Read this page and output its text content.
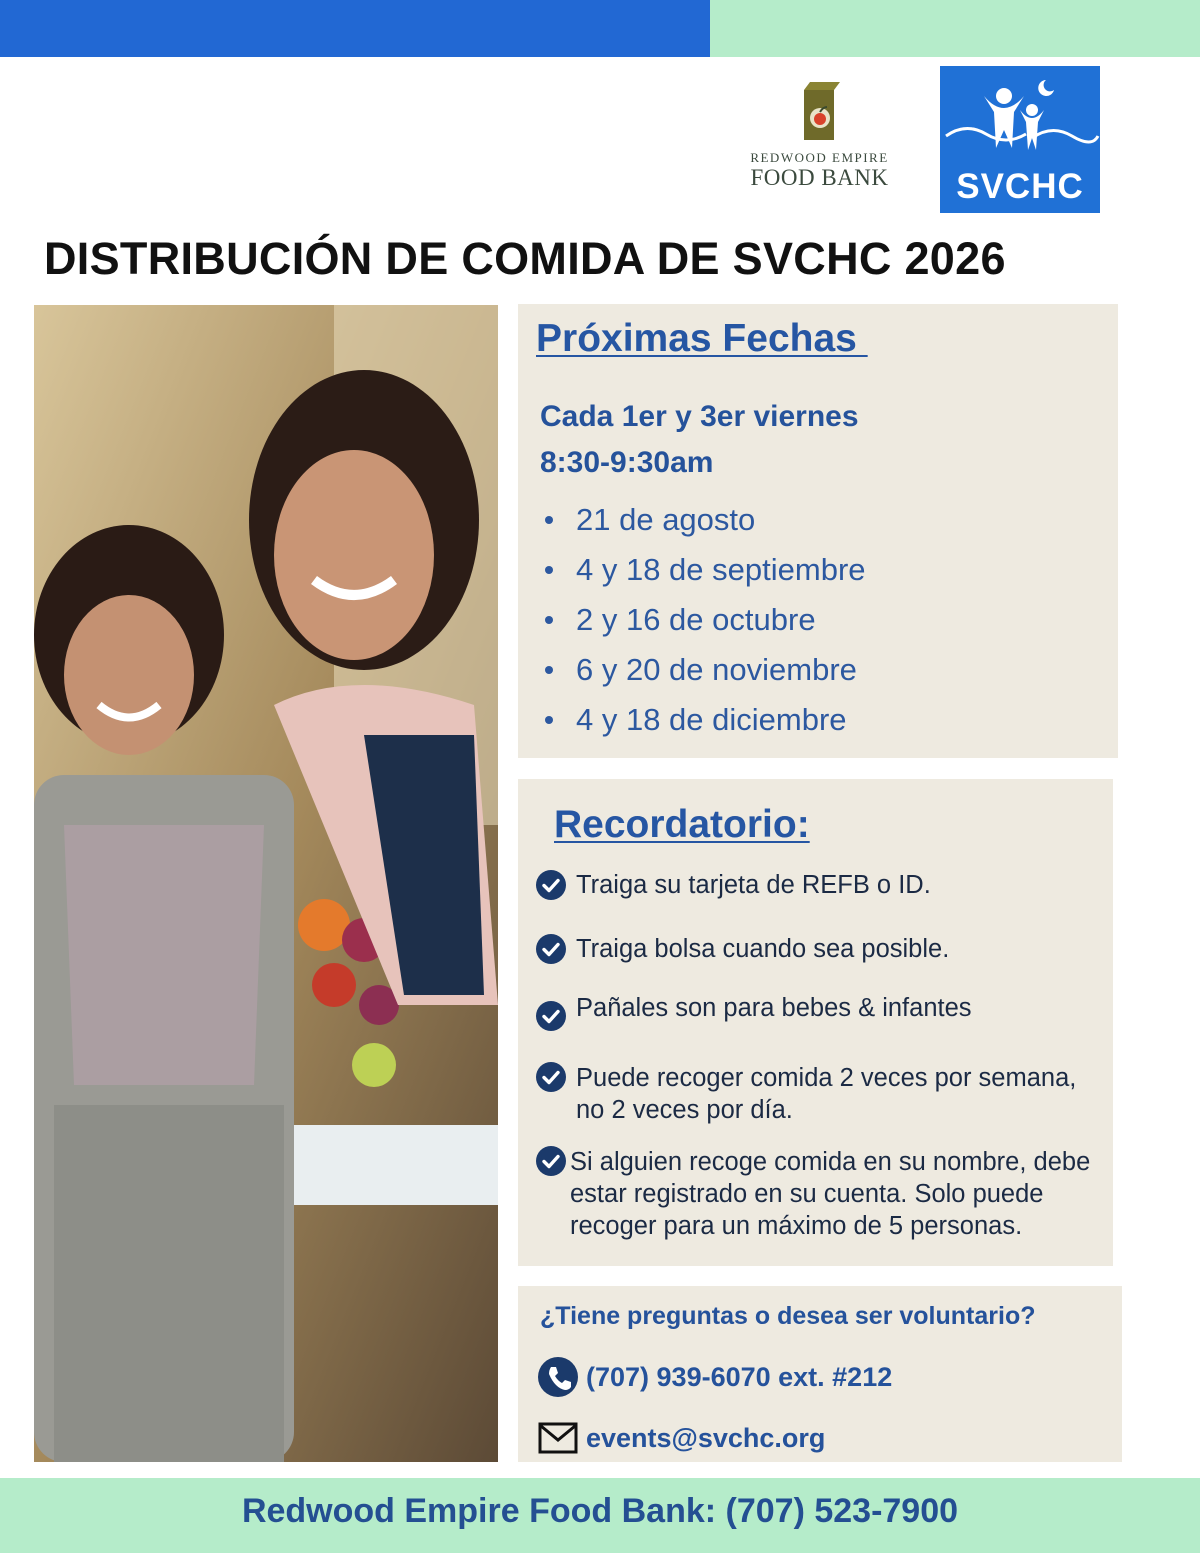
REDWOOD EMPIRE
FOOD BANK	SVCHC
DISTRIBUCIÓN DE COMIDA DE SVCHC 2026
Próximas Fechas
Cada 1er y 3er viernes
8:30-9:30am
21 de agosto
4 y 18 de septiembre
2 y 16 de octubre
6 y 20 de noviembre
4 y 18 de diciembre
Recordatorio:
Traiga su tarjeta de REFB o ID.
Traiga bolsa cuando sea posible.
Pañales son para bebes & infantes
Puede recoger comida 2 veces por semana, no 2 veces por día.
Si alguien recoge comida en su nombre, debe estar registrado en su cuenta. Solo puede recoger para un máximo de 5 personas.
¿Tiene preguntas o desea ser voluntario?
(707) 939-6070 ext. #212
events@svchc.org
Redwood Empire Food Bank: (707) 523-7900
